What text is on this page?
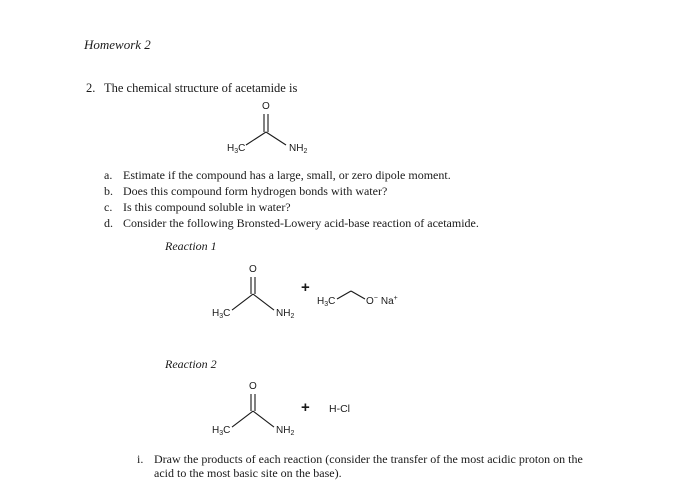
Homework 2
2. The chemical structure of acetamide is
O
$H_3C$	$NH_2$
a. Estimate if the compound has a large, small, or zero dipole moment.
b. Does this compound form hydrogen bonds with water?
c. Is this compound soluble in water?
d. Consider the following Bronsted-Lowery acid-base reaction of acetamide.
Reaction 1
O
$H_3C$	$NH_2$
+
$H_3C$	O− Na+
Reaction 2
O
$H_3C$	$NH_2$
+ H-Cl
i. Draw the products of each reaction (consider the transfer of the most acidic proton on the
acid to the most basic site on the base).
